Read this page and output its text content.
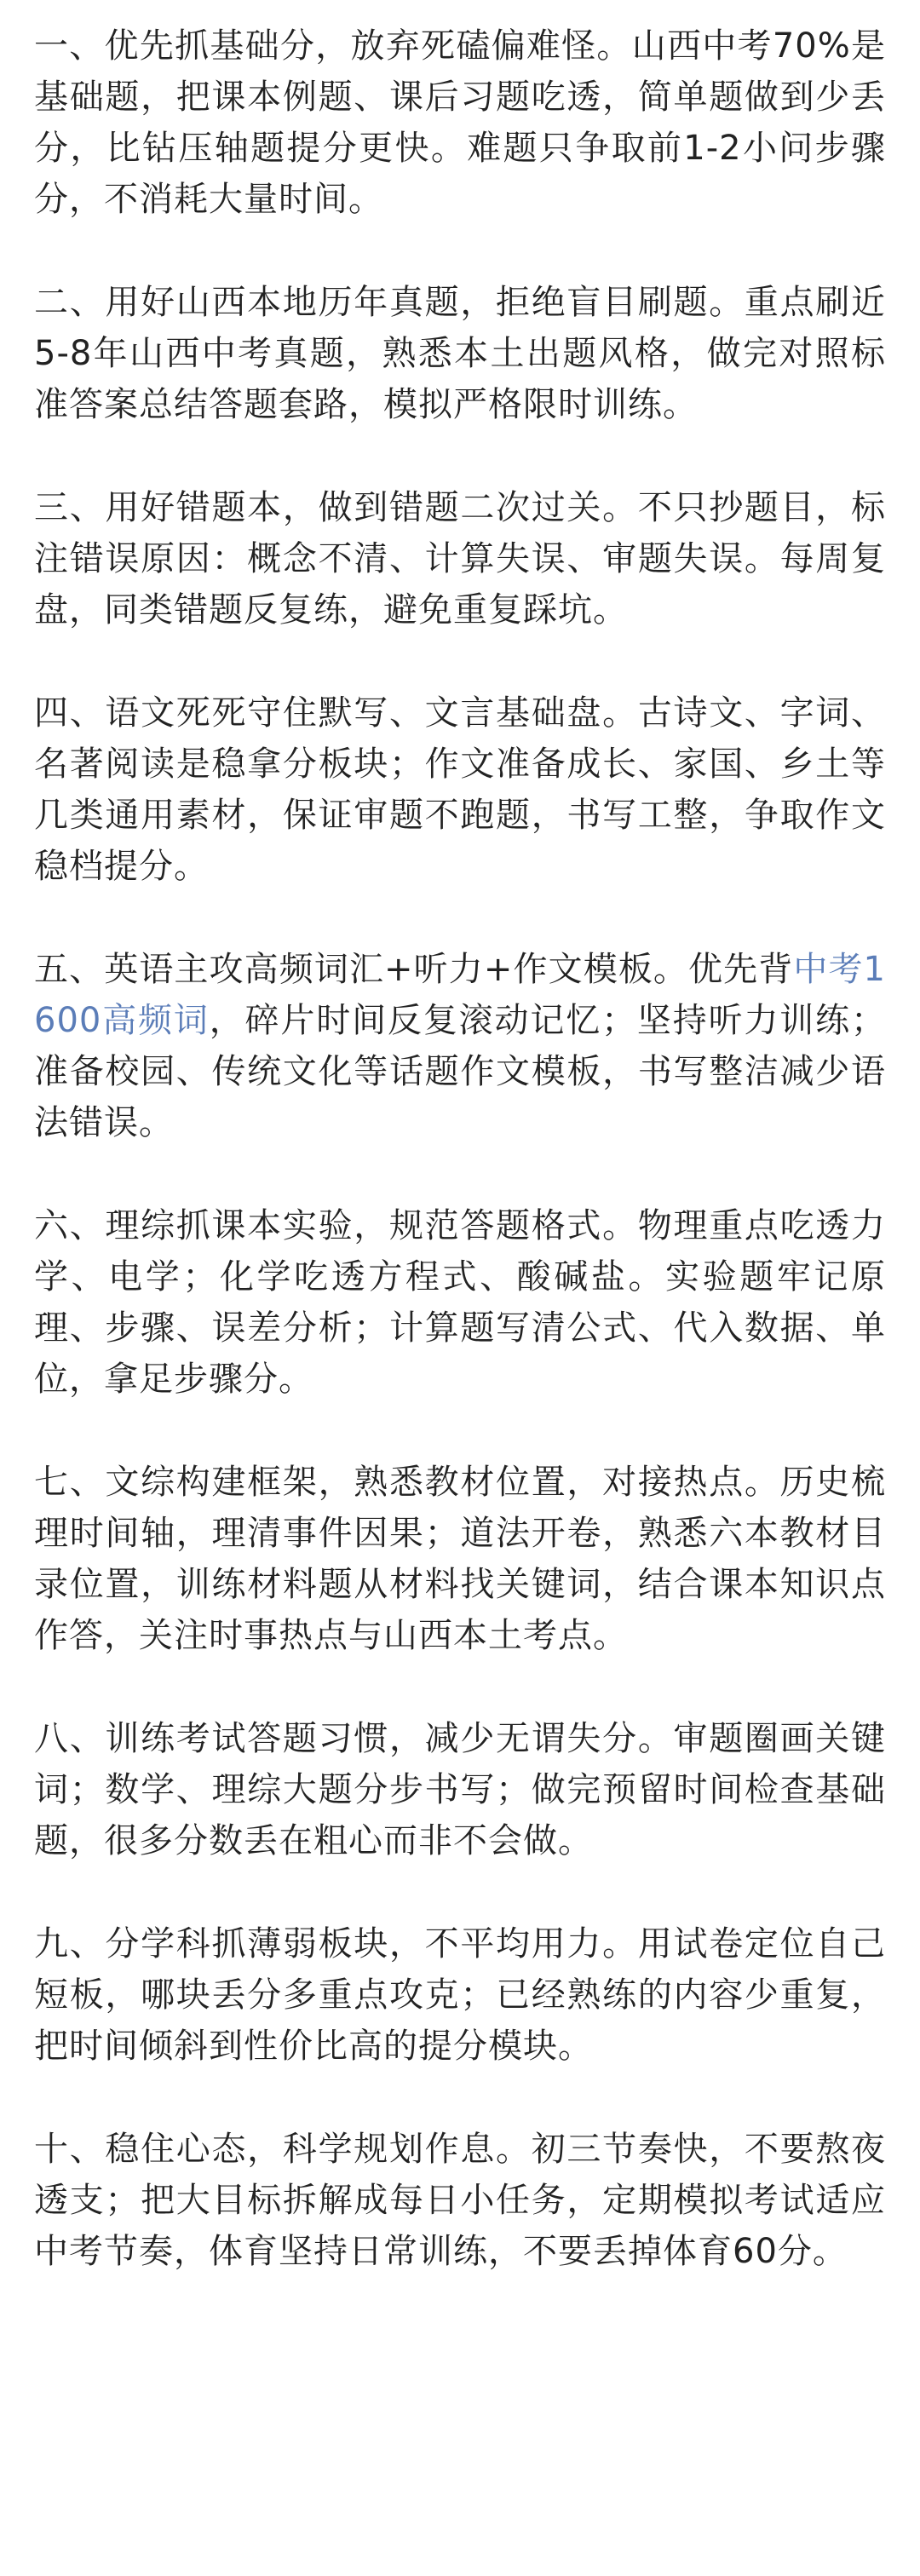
一、优先抓基础分，放弃死磕偏难怪。山西中考70%是基础题，把课本例题、课后习题吃透，简单题做到少丢分，比钻压轴题提分更快。难题只争取前1-2小问步骤分，不消耗大量时间。

二、用好山西本地历年真题，拒绝盲目刷题。重点刷近5-8年山西中考真题，熟悉本土出题风格，做完对照标准答案总结答题套路，模拟严格限时训练。

三、用好错题本，做到错题二次过关。不只抄题目，标注错误原因：概念不清、计算失误、审题失误。每周复盘，同类错题反复练，避免重复踩坑。

四、语文死死守住默写、文言基础盘。古诗文、字词、名著阅读是稳拿分板块；作文准备成长、家国、乡土等几类通用素材，保证审题不跑题，书写工整，争取作文稳档提分。

五、英语主攻高频词汇+听力+作文模板。优先背中考1600高频词，碎片时间反复滚动记忆；坚持听力训练；准备校园、传统文化等话题作文模板，书写整洁减少语法错误。

六、理综抓课本实验，规范答题格式。物理重点吃透力学、电学；化学吃透方程式、酸碱盐。实验题牢记原理、步骤、误差分析；计算题写清公式、代入数据、单位，拿足步骤分。

七、文综构建框架，熟悉教材位置，对接热点。历史梳理时间轴，理清事件因果；道法开卷，熟悉六本教材目录位置，训练材料题从材料找关键词，结合课本知识点作答，关注时事热点与山西本土考点。

八、训练考试答题习惯，减少无谓失分。审题圈画关键词；数学、理综大题分步书写；做完预留时间检查基础题，很多分数丢在粗心而非不会做。

九、分学科抓薄弱板块，不平均用力。用试卷定位自己短板，哪块丢分多重点攻克；已经熟练的内容少重复，把时间倾斜到性价比高的提分模块。

十、稳住心态，科学规划作息。初三节奏快，不要熬夜透支；把大目标拆解成每日小任务，定期模拟考试适应中考节奏，体育坚持日常训练，不要丢掉体育60分。
